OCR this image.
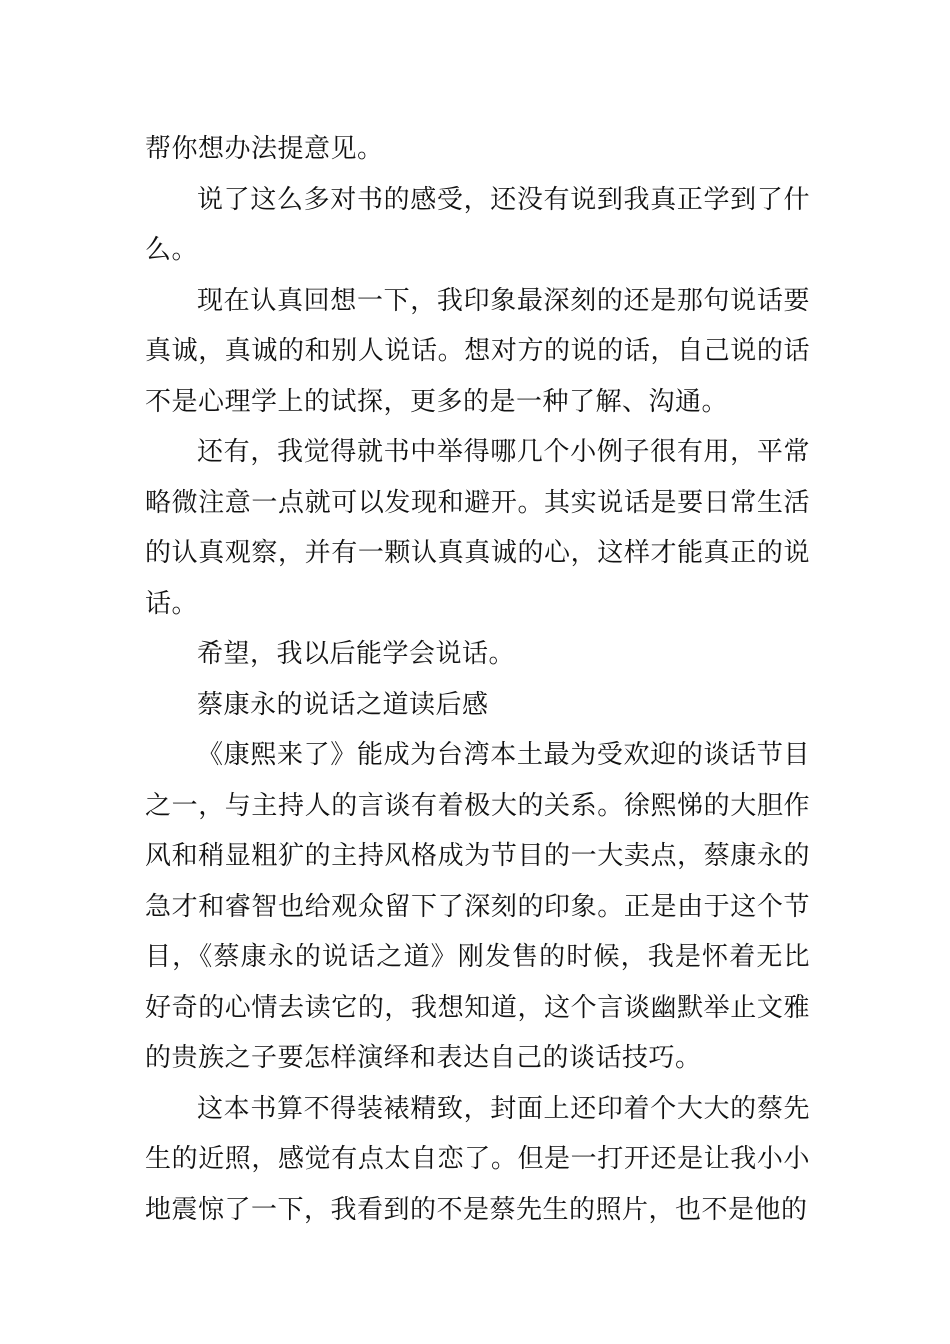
帮你想办法提意见。

说了这么多对书的感受，还没有说到我真正学到了什么。

现在认真回想一下，我印象最深刻的还是那句说话要真诚，真诚的和别人说话。想对方的说的话，自己说的话不是心理学上的试探，更多的是一种了解、沟通。

还有，我觉得就书中举得哪几个小例子很有用，平常略微注意一点就可以发现和避开。其实说话是要日常生活的认真观察，并有一颗认真真诚的心，这样才能真正的说话。

希望，我以后能学会说话。

蔡康永的说话之道读后感

《康熙来了》能成为台湾本土最为受欢迎的谈话节目之一，与主持人的言谈有着极大的关系。徐熙悌的大胆作风和稍显粗犷的主持风格成为节目的一大卖点，蔡康永的急才和睿智也给观众留下了深刻的印象。正是由于这个节目，《蔡康永的说话之道》刚发售的时候，我是怀着无比好奇的心情去读它的，我想知道，这个言谈幽默举止文雅的贵族之子要怎样演绎和表达自己的谈话技巧。

这本书算不得装裱精致，封面上还印着个大大的蔡先生的近照，感觉有点太自恋了。但是一打开还是让我小小地震惊了一下，我看到的不是蔡先生的照片，也不是他的
